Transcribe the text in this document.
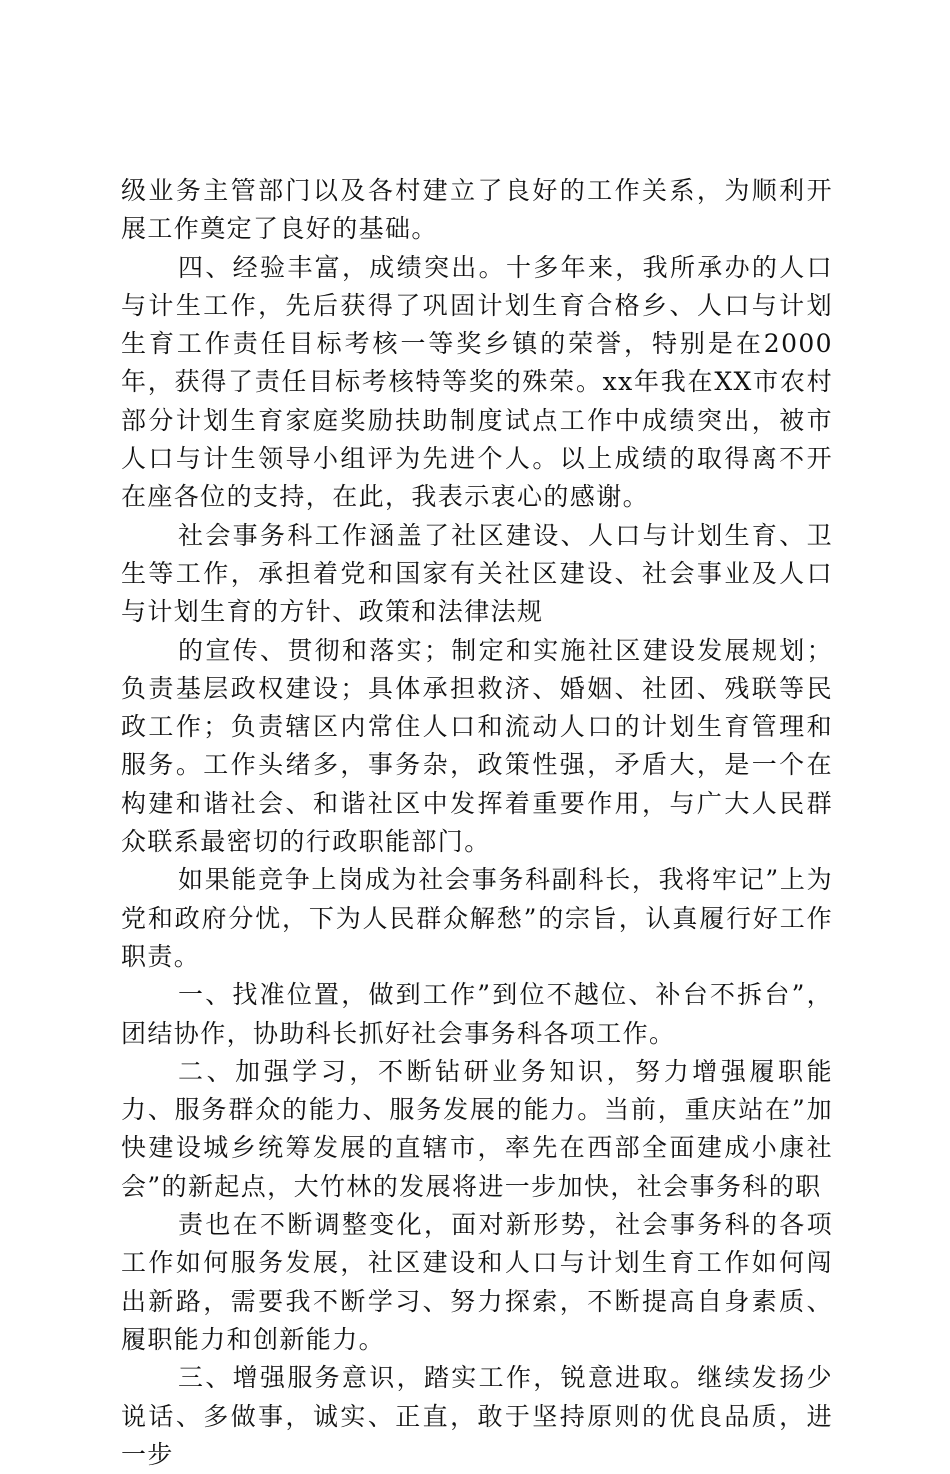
级业务主管部门以及各村建立了良好的工作关系，为顺利开展工作奠定了良好的基础。

四、经验丰富，成绩突出。十多年来，我所承办的人口与计生工作，先后获得了巩固计划生育合格乡、人口与计划生育工作责任目标考核一等奖乡镇的荣誉，特别是在2000年，获得了责任目标考核特等奖的殊荣。xx年我在XX市农村部分计划生育家庭奖励扶助制度试点工作中成绩突出，被市人口与计生领导小组评为先进个人。以上成绩的取得离不开在座各位的支持，在此，我表示衷心的感谢。

社会事务科工作涵盖了社区建设、人口与计划生育、卫生等工作，承担着党和国家有关社区建设、社会事业及人口与计划生育的方针、政策和法律法规

的宣传、贯彻和落实；制定和实施社区建设发展规划；负责基层政权建设；具体承担救济、婚姻、社团、残联等民政工作；负责辖区内常住人口和流动人口的计划生育管理和服务。工作头绪多，事务杂，政策性强，矛盾大，是一个在构建和谐社会、和谐社区中发挥着重要作用，与广大人民群众联系最密切的行政职能部门。

如果能竞争上岗成为社会事务科副科长，我将牢记”上为党和政府分忧，下为人民群众解愁”的宗旨，认真履行好工作职责。

一、找准位置，做到工作”到位不越位、补台不拆台”，团结协作，协助科长抓好社会事务科各项工作。

二、加强学习，不断钻研业务知识，努力增强履职能力、服务群众的能力、服务发展的能力。当前，重庆站在”加快建设城乡统筹发展的直辖市，率先在西部全面建成小康社会”的新起点，大竹林的发展将进一步加快，社会事务科的职

责也在不断调整变化，面对新形势，社会事务科的各项工作如何服务发展，社区建设和人口与计划生育工作如何闯出新路，需要我不断学习、努力探索，不断提高自身素质、履职能力和创新能力。

三、增强服务意识，踏实工作，锐意进取。继续发扬少说话、多做事，诚实、正直，敢于坚持原则的优良品质，进一步
